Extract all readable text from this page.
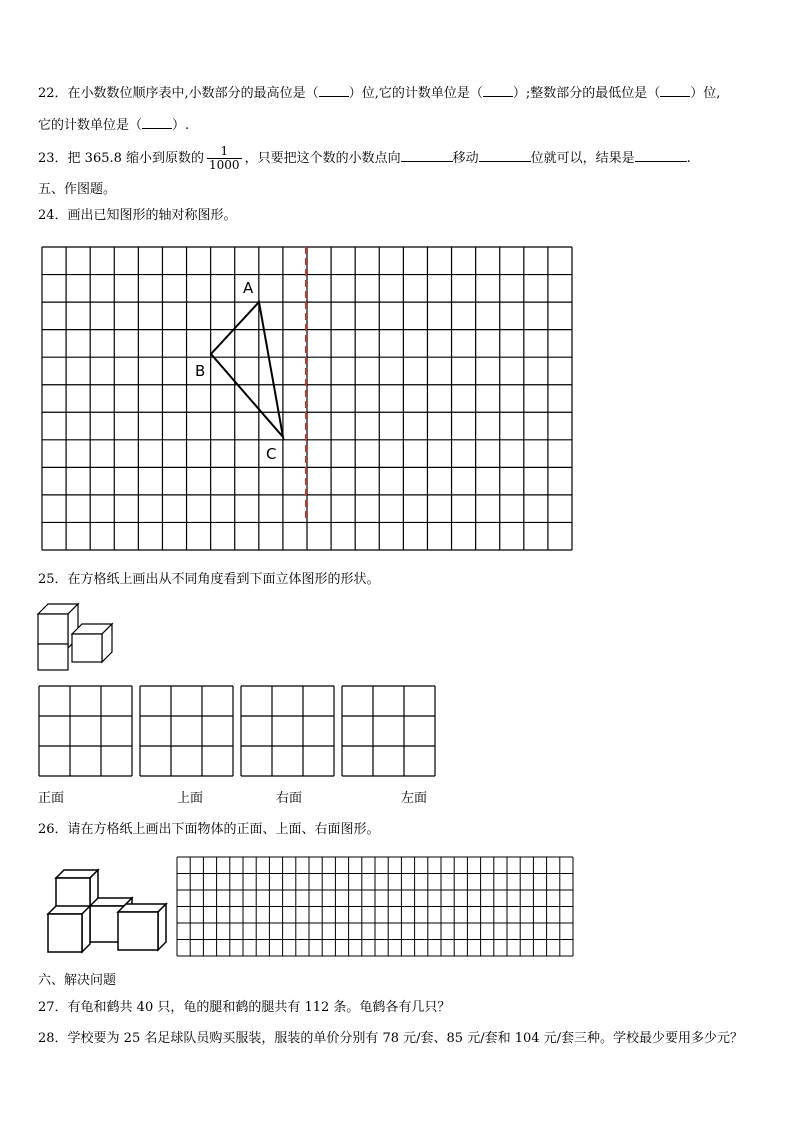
22．在小数数位顺序表中,小数部分的最高位是（ ）位,它的计数单位是（ ）;整数部分的最低位是（ ）位,
它的计数单位是（ ）.
23．把 365.8 缩小到原数的 $\frac{1}{1000}$ ，只要把这个数的小数点向	移动	位就可以，结果是	.
五、作图题。
24．画出已知图形的轴对称图形。
A
B
C
25．在方格纸上画出从不同角度看到下面立体图形的形状。
正面	上面	右面	左面
26．请在方格纸上画出下面物体的正面、上面、右面图形。
六、解决问题
27．有龟和鹤共 40 只，龟的腿和鹤的腿共有 112 条。龟鹤各有几只？
28．学校要为 25 名足球队员购买服装，服装的单价分别有 78 元/套、85 元/套和 104 元/套三种。学校最少要用多少元？
